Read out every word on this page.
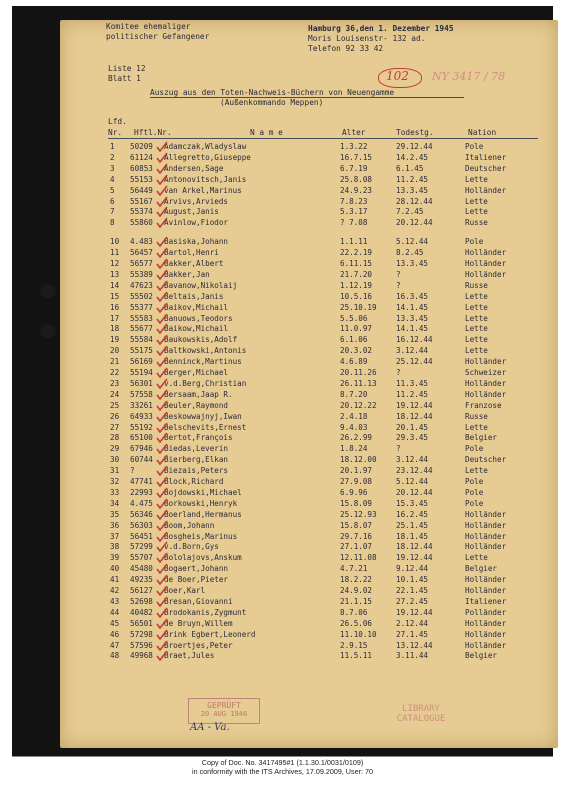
Komitee ehemaliger
politischer Gefangener
Hamburg 36,den 1. Dezember 1945
Moris Louisenstr- 132 ad.
Telefon 92 33 42
Liste 12
Blatt 1	102 NY 3417 / 78
Auszug aus den Toten-Nachweis-Büchern von Neuengamme
(Außenkommando Meppen)
Lfd.
Nr. Hftl.Nr.	N a m e	Alter	Todestg.	Nation
1 50209 Adamczak,Wladyslaw	1.3.22	29.12.44	Pole
2 61124 Allegretto,Giuseppe	16.7.15	14.2.45	Italiener
3 60853 Andersen,Sage	6.7.19	6.1.45	Deutscher
4 55153 Antonovitsch,Janis	25.8.08	11.2.45	Lette
5 56449 van Arkel,Marinus	24.9.23	13.3.45	Holländer
6 55167 Arvivs,Arvieds	7.8.23	28.12.44	Lette
7 55374 August,Janis	5.3.17	7.2.45	Lette
8 55860 Avinlow,Fiodor	? 7.08	20.12.44	Russe
10 4.483 Basiska,Johann	1.1.11	5.12.44	Pole
11 56457 Bartol,Henri	22.2.19	8.2.45	Holländer
12 56577 Bakker,Albert	6.11.15	13.3.45	Holländer
13 55389 Bakker,Jan	21.7.20	?	Holländer
14 47623 Bavanow,Nikolaij	1.12.19	?	Russe
15 55502 Beltais,Janis	10.5.16	16.3.45	Lette
16 55377 Baikov,Michail	25.10.19	14.1.45	Lette
17 55583 Banuows,Teodors	5.5.06	13.3.45	Lette
18 55677 Baikow,Michail	11.0.97	14.1.45	Lette
19 55584 Baukowskis,Adolf	6.1.06	16.12.44	Lette
20 55175 Baltkowski,Antonis	20.3.02	3.12.44	Lette
21 56169 Benninck,Martinus	4.6.89	25.12.44	Holländer
22 55194 Berger,Michael	20.11.26	?	Schweizer
23 56301 v.d.Berg,Christian	26.11.13	11.3.45	Holländer
24 57558 Bersaam,Jaap R.	8.7.20	11.2.45	Holländer
25 33261 Beuler,Raymond	20.12.22	19.12.44	Franzose
26 64933 Beskowwajnyj,Iwan	2.4.18	18.12.44	Russe
27 55192 Belschevits,Ernest	9.4.03	20.1.45	Lette
28 65100 Bertot,François	26.2.99	29.3.45	Belgier
29 67946 Biedas,Leverin	1.8.24	?	Pole
30 60744 Bierberg,Elkan	18.12.00	3.12.44	Deutscher
31 ?	Biezais,Peters	20.1.97	23.12.44	Lette
32 47741 Block,Richard	27.9.08	5.12.44	Pole
33 22993 Bojdowski,Michael	6.9.96	20.12.44	Pole
34 4.475 Borkowski,Henryk	15.8.09	15.3.45	Pole
35 56346 Boerland,Hermanus	25.12.93	16.2.45	Holländer
36 56303 Boom,Johann	15.8.07	25.1.45	Holländer
37 56451 Bosgheis,Marinus	29.7.16	18.1.45	Holländer
38 57299 v.d.Born,Gys	27.1.07	18.12.44	Holländer
39 55707 Bololajovs,Anskum	12.11.08	19.12.44	Lette
40 45480 Bogaert,Johann	4.7.21	9.12.44	Belgier
41 49235 de Boer,Pieter	18.2.22	10.1.45	Holländer
42 56127 Boer,Karl	24.9.02	22.1.45	Holländer
43 52698 Bresan,Giovanni	21.1.15	27.2.45	Italiener
44 40482 Brodokanis,Zygmunt	8.7.06	19.12.44	Polländer
45 56501 de Bruyn,Willem	26.5.06	2.12.44	Holländer
46 57298 Brink Egbert,Leonerd	11.10.10	27.1.45	Holländer
47 57596 Broertjes,Peter	2.9.15	13.12.44	Holländer
48 49968 Braet,Jules	11.5.11	3.11.44	Belgier
GEPRÜFT
20 AUG 1946
AA - Va.
LIBRARY
CATALOGUE
Copy of Doc. No. 3417495#1 (1.1.30.1/0031/0109)
in conformity with the ITS Archives, 17.09.2009, User: 70
